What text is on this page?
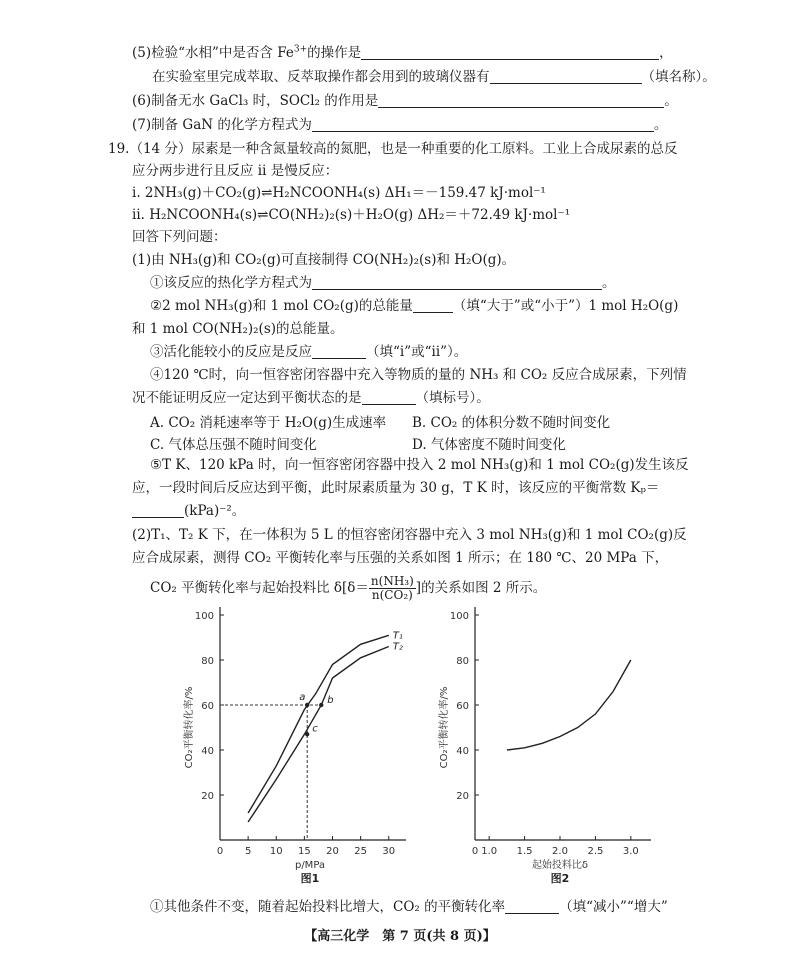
(5)检验“水相”中是否含 $Fe^{3+}$的操作是	，
在实验室里完成萃取、反萃取操作都会用到的玻璃仪器有	（填名称）。
(6)制备无水 GaCl₃ 时，SOCl₂ 的作用是	。
(7)制备 GaN 的化学方程式为	。
19.（14 分）尿素是一种含氮量较高的氮肥，也是一种重要的化工原料。工业上合成尿素的总反
应分两步进行且反应 ⅱ 是慢反应：
ⅰ. 2NH₃(g)＋CO₂(g)⇌H₂NCOONH₄(s) ΔH₁＝－159.47 kJ·mol⁻¹
ⅱ. H₂NCOONH₄(s)⇌CO(NH₂)₂(s)＋H₂O(g) ΔH₂＝＋72.49 kJ·mol⁻¹
回答下列问题：
(1)由 NH₃(g)和 CO₂(g)可直接制得 CO(NH₂)₂(s)和 H₂O(g)。
①该反应的热化学方程式为	。
②2 mol NH₃(g)和 1 mol CO₂(g)的总能量	（填“大于”或“小于”）1 mol H₂O(g)
和 1 mol CO(NH₂)₂(s)的总能量。
③活化能较小的反应是反应	（填“ⅰ”或“ⅱ”）。
④120 ℃时，向一恒容密闭容器中充入等物质的量的 NH₃ 和 CO₂ 反应合成尿素，下列情
况不能证明反应一定达到平衡状态的是	（填标号）。
A. CO₂ 消耗速率等于 H₂O(g)生成速率 B. CO₂ 的体积分数不随时间变化
C. 气体总压强不随时间变化	D. 气体密度不随时间变化
⑤T K、120 kPa 时，向一恒容密闭容器中投入 2 mol NH₃(g)和 1 mol CO₂(g)发生该反
应，一段时间后反应达到平衡，此时尿素质量为 30 g，T K 时，该反应的平衡常数 Kₚ＝
(kPa)⁻²。
(2)T₁、T₂ K 下，在一体积为 5 L 的恒容密闭容器中充入 3 mol NH₃(g)和 1 mol CO₂(g)反
应合成尿素，测得 CO₂ 平衡转化率与压强的关系如图 1 所示；在 180 ℃、20 MPa 下，
CO₂ 平衡转化率与起始投料比 $\delta[\delta= \frac{\text{n(NH₃)}}{\text{n(CO₂)}}$ ]的关系如图 2 所示。
20
40
60
80
100
0 5 10 15 20 25 30
CO₂平衡转化率/%
p/MPa
图1
T₁
T₂
a b
c
20
40
60
80
100
0 1.0 1.5 2.0 2.5 3.0
CO₂平衡转化率/%
起始投料比δ
图2
①其他条件不变，随着起始投料比增大，CO₂ 的平衡转化率	（填“减小”“增大”
【高三化学　第 7 页(共 8 页)】
